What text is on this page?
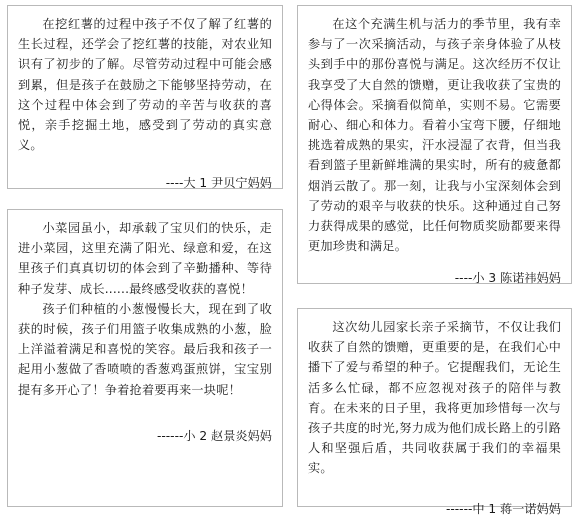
在挖红薯的过程中孩子不仅了解了红薯的生长过程，还学会了挖红薯的技能，对农业知识有了初步的了解。尽管劳动过程中可能会感到累，但是孩子在鼓励之下能够坚持劳动，在这个过程中体会到了劳动的辛苦与收获的喜悦，亲手挖掘土地，感受到了劳动的真实意义。

----大 1 尹贝宁妈妈

小菜园虽小，却承载了宝贝们的快乐，走进小菜园，这里充满了阳光、绿意和爱，在这里孩子们真真切切的体会到了辛勤播种、等待种子发芽、成长......最终感受收获的喜悦！

孩子们种植的小葱慢慢长大，现在到了收获的时候，孩子们用篮子收集成熟的小葱，脸上洋溢着满足和喜悦的笑容。最后我和孩子一起用小葱做了香喷喷的香葱鸡蛋煎饼，宝宝别提有多开心了！争着抢着要再来一块呢！

------小 2 赵景炎妈妈

在这个充满生机与活力的季节里，我有幸参与了一次采摘活动，与孩子亲身体验了从枝头到手中的那份喜悦与满足。这次经历不仅让我享受了大自然的馈赠，更让我收获了宝贵的心得体会。采摘看似简单，实则不易。它需要耐心、细心和体力。看着小宝弯下腰，仔细地挑选着成熟的果实，汗水浸湿了衣背，但当我看到篮子里新鲜堆满的果实时，所有的疲惫都烟消云散了。那一刻，让我与小宝深刻体会到了劳动的艰辛与收获的快乐。这种通过自己努力获得成果的感觉，比任何物质奖励都要来得更加珍贵和满足。

----小 3 陈诺祎妈妈

这次幼儿园家长亲子采摘节，不仅让我们收获了自然的馈赠，更重要的是，在我们心中播下了爱与希望的种子。它提醒我们，无论生活多么忙碌，都不应忽视对孩子的陪伴与教育。在未来的日子里，我将更加珍惜每一次与孩子共度的时光,努力成为他们成长路上的引路人和坚强后盾，共同收获属于我们的幸福果实。

------中 1 蒋一诺妈妈
